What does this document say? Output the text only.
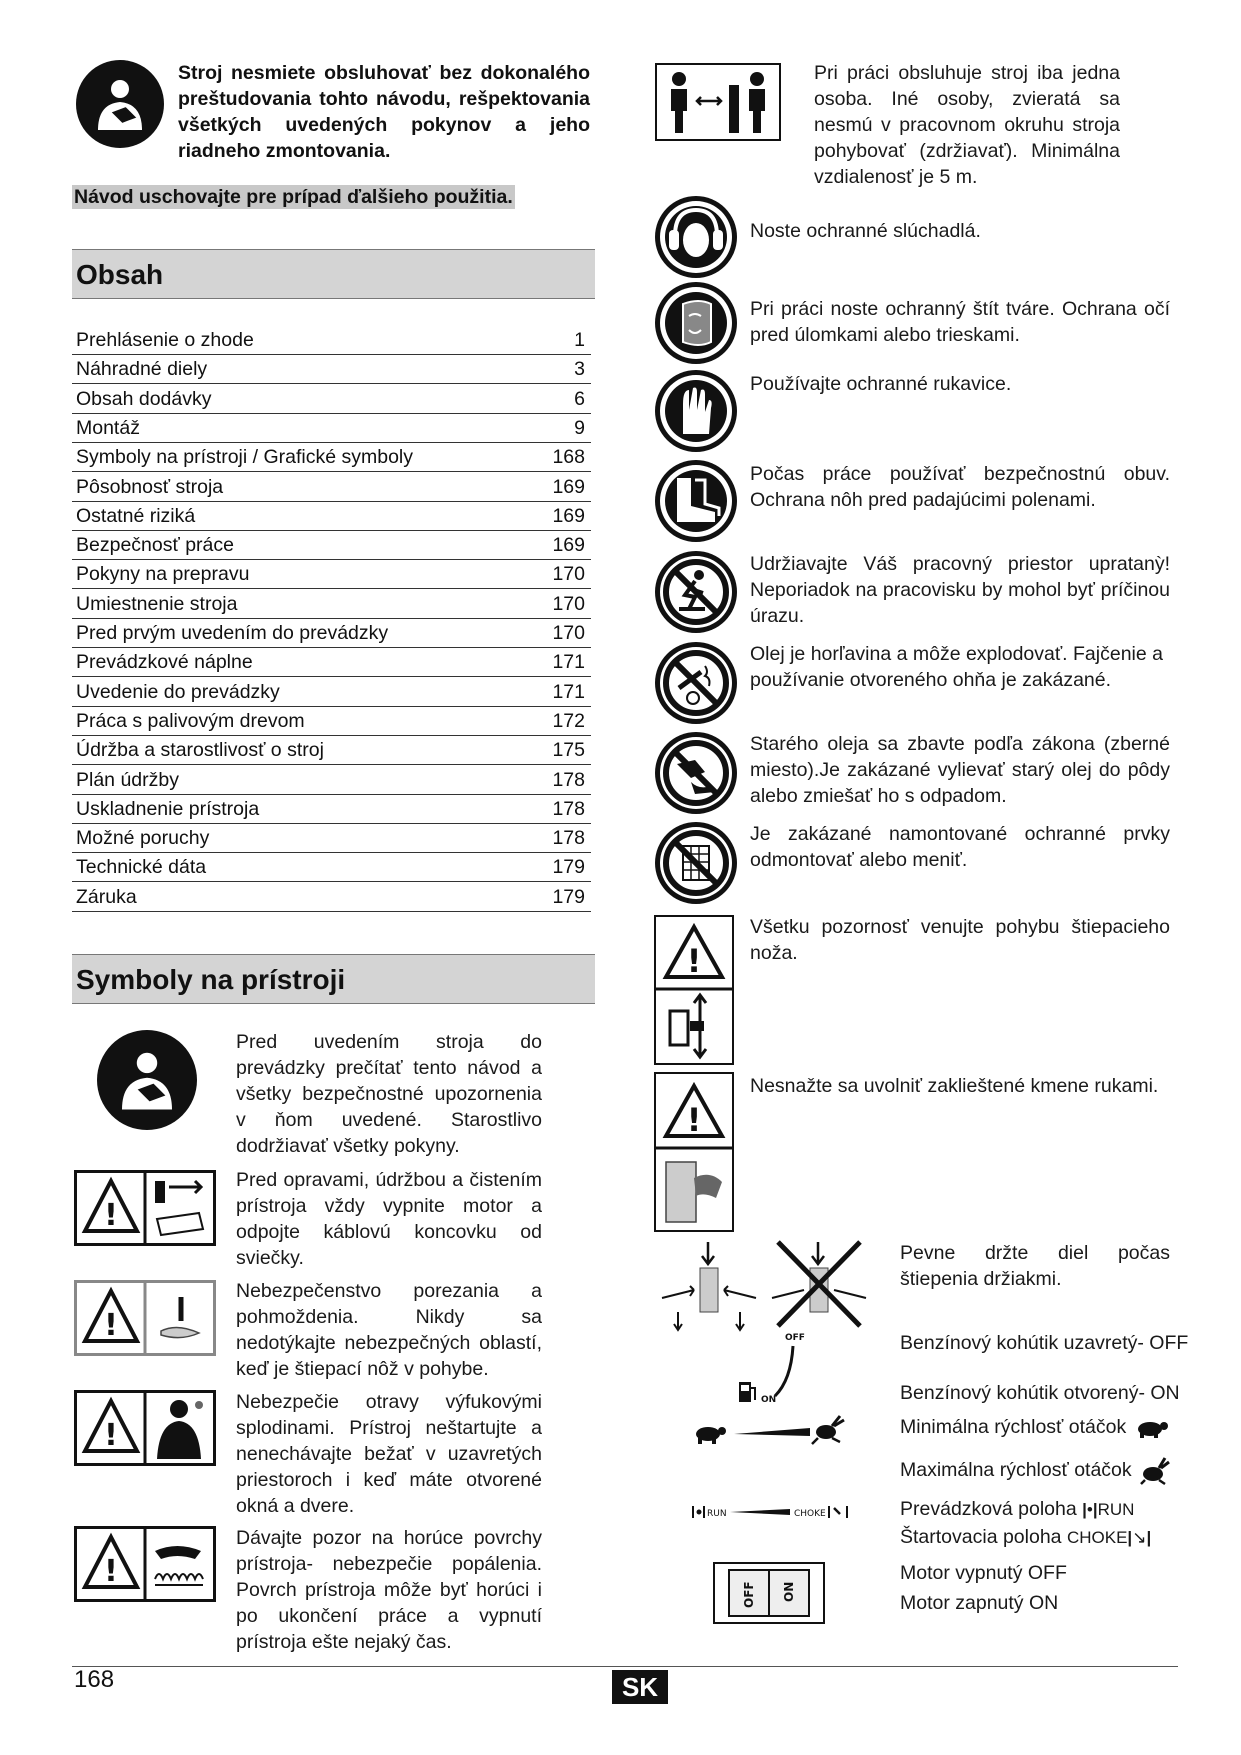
Stroj nesmiete obsluhovať bez dokonalého preštudovania tohto návodu, rešpektovania všetkých uvedených pokynov a jeho riadneho zmontovania.
Návod uschovajte pre prípad ďalšieho použitia.
Obsah
Prehlásenie o zhode	1
Náhradné diely	3
Obsah dodávky	6
Montáž	9
Symboly na prístroji / Grafické symboly	168
Pôsobnosť stroja	169
Ostatné riziká	169
Bezpečnosť práce	169
Pokyny na prepravu	170
Umiestnenie stroja	170
Pred prvým uvedením do prevádzky	170
Prevádzkové náplne	171
Uvedenie do prevádzky	171
Práca s palivovým drevom	172
Údržba a starostlivosť o stroj	175
Plán údržby	178
Uskladnenie prístroja	178
Možné poruchy	178
Technické dáta	179
Záruka	179
Symboly na prístroji
Pred uvedením stroja do prevádzky prečítať tento návod a všetky bezpečnostné upozornenia v ňom uvedené. Starostlivo dodržiavať všetky pokyny.
!
Pred opravami, údržbou a čistením prístroja vždy vypnite motor a odpojte káblovú koncovku od sviečky.
!
Nebezpečenstvo porezania a pohmoždenia. Nikdy sa nedotýkajte nebezpečných oblastí, keď je štiepací nôž v pohybe.
!
Nebezpečie otravy výfukovými splodinami. Prístroj neštartujte a nenechávajte bežať v uzavretých priestoroch i keď máte otvorené okná a dvere.
!
Dávajte pozor na horúce povrchy prístroja- nebezpečie popálenia. Povrch prístroja môže byť horúci i po ukončení práce a vypnutí prístroja ešte nejaký čas.
Pri práci obsluhuje stroj iba jedna osoba. Iné osoby, zvieratá sa nesmú v pracovnom okruhu stroja pohybovať (zdržiavať). Minimálna vzdialenosť je 5 m.
Noste ochranné slúchadlá.
Pri práci noste ochranný štít tváre. Ochrana očí pred úlomkami alebo trieskami.
Používajte ochranné rukavice.
Počas práce používať bezpečnostnú obuv. Ochrana nôh pred padajúcimi polenami.
Udržiavajte Váš pracovný priestor upratanỳ! Neporiadok na pracovisku by mohol byť príčinou úrazu.
Olej je horľavina a môže explodovať. Fajčenie a používanie otvoreného ohňa je zakázané.
Starého oleja sa zbavte podľa zákona (zberné miesto).Je zakázané vylievať starý olej do pôdy alebo zmiešať ho s odpadom.
Je zakázané namontované ochranné prvky odmontovať alebo meniť.
!
Všetku pozornosť venujte pohybu štiepacieho noža.
!
Nesnažte sa uvolniť zaklieštené kmene rukami.
Pevne držte diel počas štiepenia držiakmi.
OFF
ON
Benzínový kohútik uzavretý- OFF
Benzínový kohútik otvorený- ON
Minimálna rýchlosť otáčok
Maximálna rýchlosť otáčok
RUN	CHOKE	Prevádzková poloha |•|RUN
Štartovacia poloha CHOKE|↘|
OFF ON
Motor vypnutý OFF
Motor zapnutý ON
168	SK
